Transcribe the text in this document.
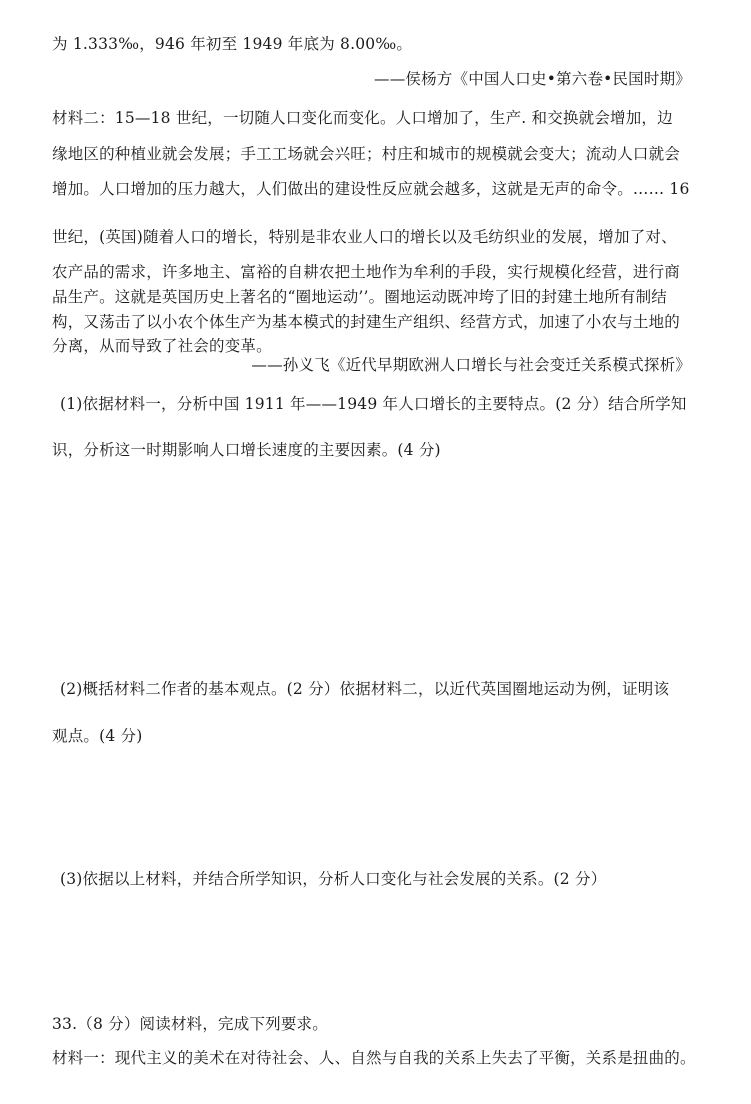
为 1.333‰，946 年初至 1949 年底为 8.00‰。
——侯杨方《中国人口史•第六卷•民国时期》
材料二：15—18 世纪，一切随人口变化而变化。人口增加了，生产. 和交换就会增加，边
缘地区的种植业就会发展；手工工场就会兴旺；村庄和城市的规模就会变大；流动人口就会
增加。人口增加的压力越大，人们做出的建设性反应就会越多，这就是无声的命令。…… 16
世纪，(英国)随着人口的增长，特别是非农业人口的增长以及毛纺织业的发展，增加了对、
农产品的需求，许多地主、富裕的自耕农把土地作为牟利的手段，实行规模化经营，进行商
品生产。这就是英国历史上著名的“圈地运动’’。圈地运动既冲垮了旧的封建土地所有制结
构，又荡击了以小农个体生产为基本模式的封建生产组织、经营方式，加速了小农与土地的
分离，从而导致了社会的变革。
——孙义飞《近代早期欧洲人口增长与社会变迁关系模式探析》
(1)依据材料一，分析中国 1911 年——1949 年人口增长的主要特点。(2 分）结合所学知
识，分析这一时期影响人口增长速度的主要因素。(4 分)
(2)概括材料二作者的基本观点。(2 分）依据材料二，以近代英国圈地运动为例，证明该
观点。(4 分)
(3)依据以上材料，并结合所学知识，分析人口变化与社会发展的关系。(2 分）
33.（8 分）阅读材料，完成下列要求。
材料一：现代主义的美术在对待社会、人、自然与自我的关系上失去了平衡，关系是扭曲的。
